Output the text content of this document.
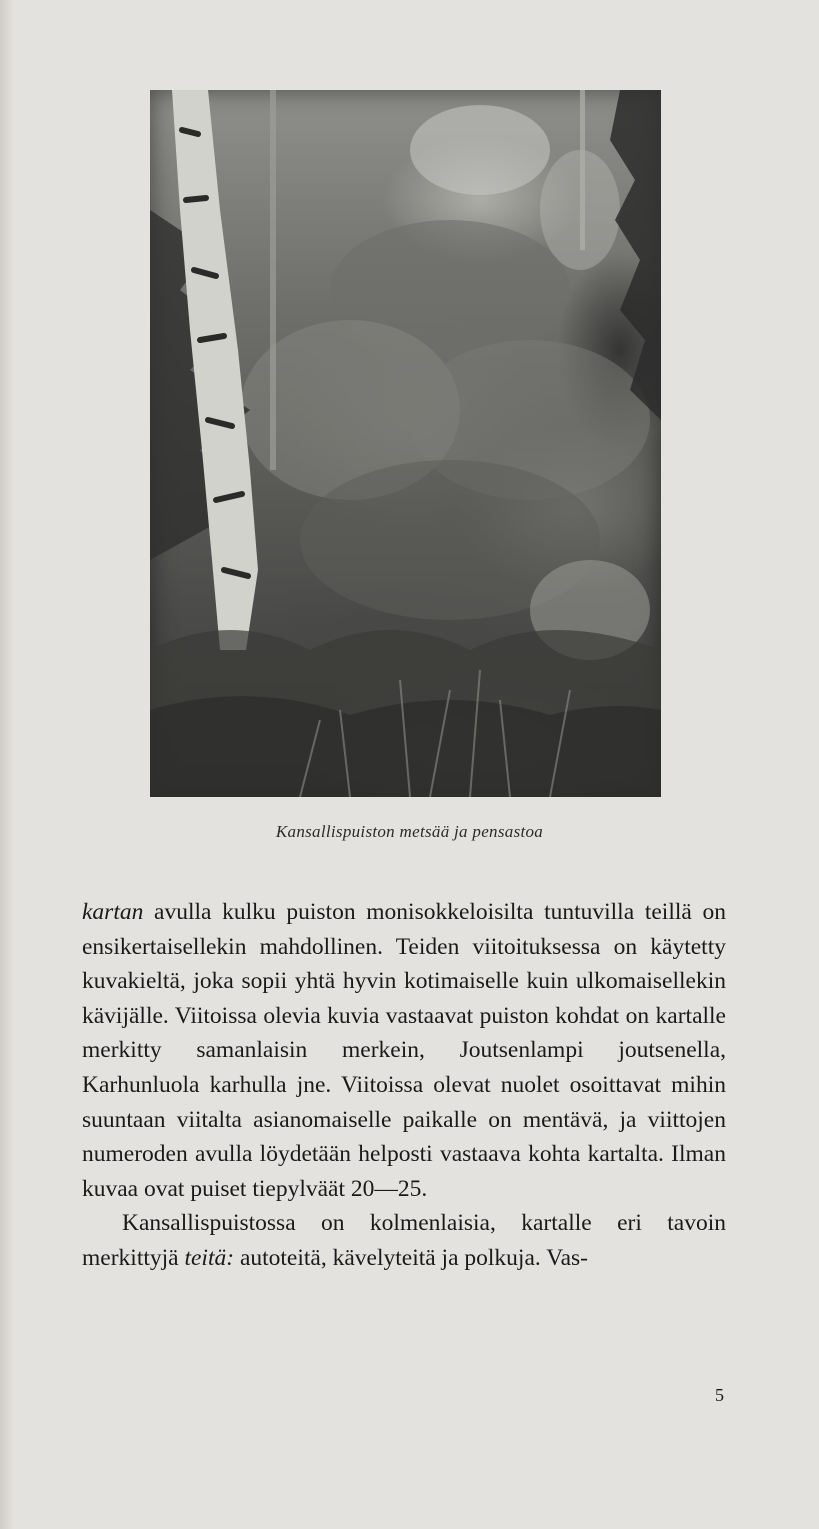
Kansallispuiston metsää ja pensastoa

kartan avulla kulku puiston monisokkeloisilta tuntuvilla teillä on ensikertaisellekin mahdollinen. Teiden viitoituksessa on käytetty kuvakieltä, joka sopii yhtä hyvin kotimaiselle kuin ulkomaisellekin kävijälle. Viitoissa olevia kuvia vastaavat puiston kohdat on kartalle merkitty samanlaisin merkein, Joutsenlampi joutsenella, Karhunluola karhulla jne. Viitoissa olevat nuolet osoittavat mihin suuntaan viitalta asianomaiselle paikalle on mentävä, ja viittojen numeroden avulla löydetään helposti vastaava kohta kartalta. Ilman kuvaa ovat puiset tiepylväät 20—25.

Kansallispuistossa on kolmenlaisia, kartalle eri tavoin merkittyjä teitä: autoteitä, kävelyteitä ja polkuja. Vas-

5
